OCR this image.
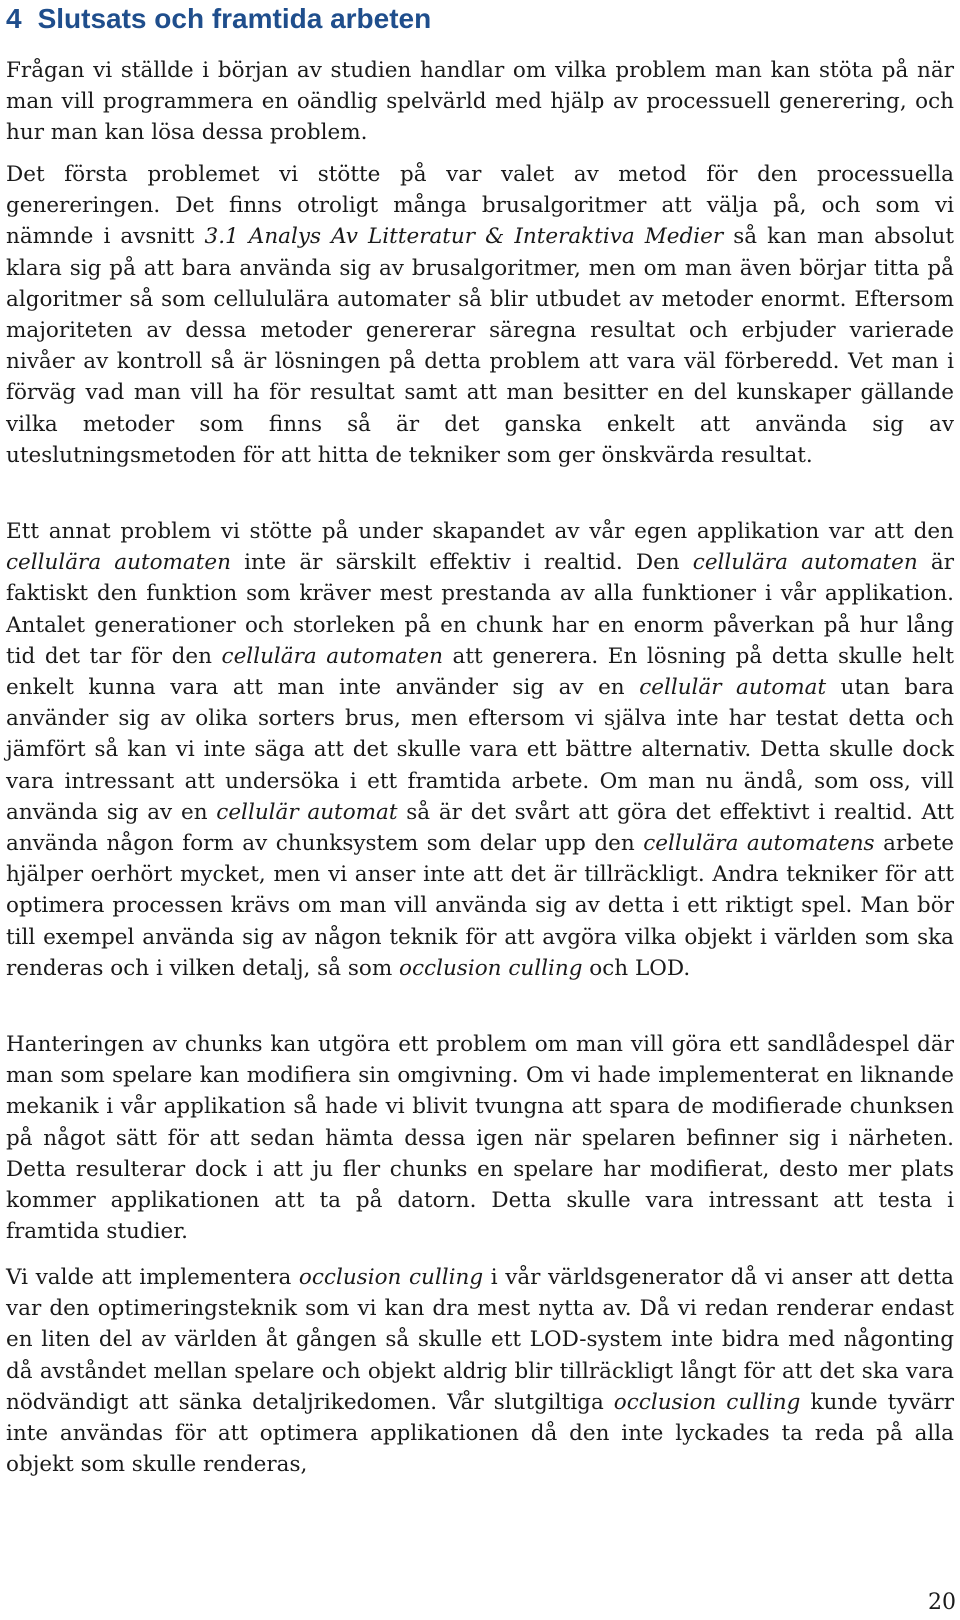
4 Slutsats och framtida arbeten

Frågan vi ställde i början av studien handlar om vilka problem man kan stöta på när man vill programmera en oändlig spelvärld med hjälp av processuell generering, och hur man kan lösa dessa problem.

Det första problemet vi stötte på var valet av metod för den processuella genereringen. Det finns otroligt många brusalgoritmer att välja på, och som vi nämnde i avsnitt 3.1 Analys Av Litteratur & Interaktiva Medier så kan man absolut klara sig på att bara använda sig av brusalgoritmer, men om man även börjar titta på algoritmer så som cellululära automater så blir utbudet av metoder enormt. Eftersom majoriteten av dessa metoder genererar säregna resultat och erbjuder varierade nivåer av kontroll så är lösningen på detta problem att vara väl förberedd. Vet man i förväg vad man vill ha för resultat samt att man besitter en del kunskaper gällande vilka metoder som finns så är det ganska enkelt att använda sig av uteslutningsmetoden för att hitta de tekniker som ger önskvärda resultat.

Ett annat problem vi stötte på under skapandet av vår egen applikation var att den cellulära automaten inte är särskilt effektiv i realtid. Den cellulära automaten är faktiskt den funktion som kräver mest prestanda av alla funktioner i vår applikation. Antalet generationer och storleken på en chunk har en enorm påverkan på hur lång tid det tar för den cellulära automaten att generera. En lösning på detta skulle helt enkelt kunna vara att man inte använder sig av en cellulär automat utan bara använder sig av olika sorters brus, men eftersom vi själva inte har testat detta och jämfört så kan vi inte säga att det skulle vara ett bättre alternativ. Detta skulle dock vara intressant att undersöka i ett framtida arbete. Om man nu ändå, som oss, vill använda sig av en cellulär automat så är det svårt att göra det effektivt i realtid. Att använda någon form av chunksystem som delar upp den cellulära automatens arbete hjälper oerhört mycket, men vi anser inte att det är tillräckligt. Andra tekniker för att optimera processen krävs om man vill använda sig av detta i ett riktigt spel. Man bör till exempel använda sig av någon teknik för att avgöra vilka objekt i världen som ska renderas och i vilken detalj, så som occlusion culling och LOD.

Hanteringen av chunks kan utgöra ett problem om man vill göra ett sandlådespel där man som spelare kan modifiera sin omgivning. Om vi hade implementerat en liknande mekanik i vår applikation så hade vi blivit tvungna att spara de modifierade chunksen på något sätt för att sedan hämta dessa igen när spelaren befinner sig i närheten. Detta resulterar dock i att ju fler chunks en spelare har modifierat, desto mer plats kommer applikationen att ta på datorn. Detta skulle vara intressant att testa i framtida studier.

Vi valde att implementera occlusion culling i vår världsgenerator då vi anser att detta var den optimeringsteknik som vi kan dra mest nytta av. Då vi redan renderar endast en liten del av världen åt gången så skulle ett LOD-system inte bidra med någonting då avståndet mellan spelare och objekt aldrig blir tillräckligt långt för att det ska vara nödvändigt att sänka detaljrikedomen. Vår slutgiltiga occlusion culling kunde tyvärr inte användas för att optimera applikationen då den inte lyckades ta reda på alla objekt som skulle renderas,

20
